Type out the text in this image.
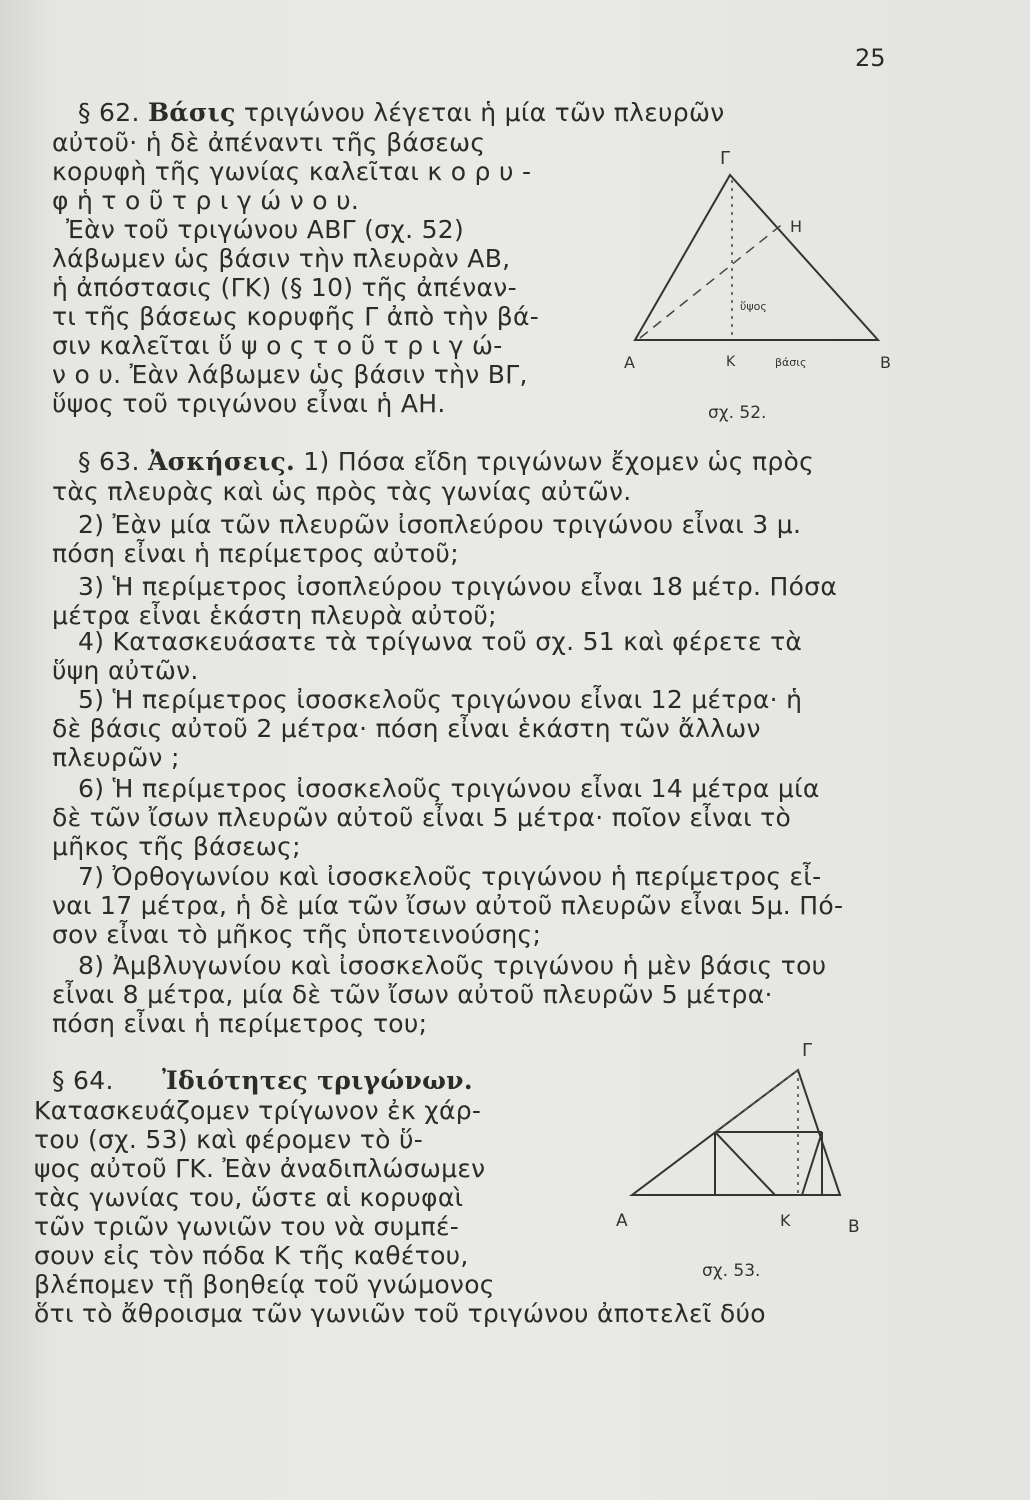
25
§ 62. Βάσις τριγώνου λέγεται ἡ μία τῶν πλευρῶν
αὐτοῦ· ἡ δὲ ἀπέναντι τῆς βάσεως
κορυφὴ τῆς γωνίας καλεῖται κ ο ρ υ -
φ ἡ τ ο ῦ τ ρ ι γ ώ ν ο υ.
Ἐὰν τοῦ τριγώνου ΑΒΓ (σχ. 52)
λάβωμεν ὡς βάσιν τὴν πλευρὰν ΑΒ,
ἡ ἀπόστασις (ΓΚ) (§ 10) τῆς ἀπέναν-
τι τῆς βάσεως κορυφῆς Γ ἀπὸ τὴν βά-
σιν καλεῖται ὕ ψ ο ς τ ο ῦ τ ρ ι γ ώ-
ν ο υ. Ἐὰν λάβωμεν ὡς βάσιν τὴν ΒΓ,
ὕψος τοῦ τριγώνου εἶναι ἡ ΑΗ.
Γ
Η
Α	Κ	Β
ὕψος
βάσις
σχ. 52.
§ 63. Ἀσκήσεις. 1) Πόσα εἴδη τριγώνων ἔχομεν ὡς πρὸς
τὰς πλευρὰς καὶ ὡς πρὸς τὰς γωνίας αὐτῶν.
2) Ἐὰν μία τῶν πλευρῶν ἰσοπλεύρου τριγώνου εἶναι 3 μ.
πόση εἶναι ἡ περίμετρος αὐτοῦ;
3) Ἡ περίμετρος ἰσοπλεύρου τριγώνου εἶναι 18 μέτρ. Πόσα
μέτρα εἶναι ἑκάστη πλευρὰ αὐτοῦ;
4) Κατασκευάσατε τὰ τρίγωνα τοῦ σχ. 51 καὶ φέρετε τὰ
ὕψη αὐτῶν.
5) Ἡ περίμετρος ἰσοσκελοῦς τριγώνου εἶναι 12 μέτρα· ἡ
δὲ βάσις αὐτοῦ 2 μέτρα· πόση εἶναι ἑκάστη τῶν ἄλλων
πλευρῶν ;
6) Ἡ περίμετρος ἰσοσκελοῦς τριγώνου εἶναι 14 μέτρα μία
δὲ τῶν ἴσων πλευρῶν αὐτοῦ εἶναι 5 μέτρα· ποῖον εἶναι τὸ
μῆκος τῆς βάσεως;
7) Ὀρθογωνίου καὶ ἰσοσκελοῦς τριγώνου ἡ περίμετρος εἶ-
ναι 17 μέτρα, ἡ δὲ μία τῶν ἴσων αὐτοῦ πλευρῶν εἶναι 5μ. Πό-
σον εἶναι τὸ μῆκος τῆς ὑποτεινούσης;
8) Ἀμβλυγωνίου καὶ ἰσοσκελοῦς τριγώνου ἡ μὲν βάσις του
εἶναι 8 μέτρα, μία δὲ τῶν ἴσων αὐτοῦ πλευρῶν 5 μέτρα·
πόση εἶναι ἡ περίμετρος του;
§ 64. Ἰδιότητες τριγώνων.
Κατασκευάζομεν τρίγωνον ἐκ χάρ-
του (σχ. 53) καὶ φέρομεν τὸ ὕ-
ψος αὐτοῦ ΓΚ. Ἐὰν ἀναδιπλώσωμεν
τὰς γωνίας του, ὥστε αἱ κορυφαὶ
τῶν τριῶν γωνιῶν του νὰ συμπέ-
σουν εἰς τὸν πόδα Κ τῆς καθέτου,
βλέπομεν τῇ βοηθείᾳ τοῦ γνώμονος
ὅτι τὸ ἄθροισμα τῶν γωνιῶν τοῦ τριγώνου ἀποτελεῖ δύο
Γ
Α	Κ	Β
σχ. 53.
